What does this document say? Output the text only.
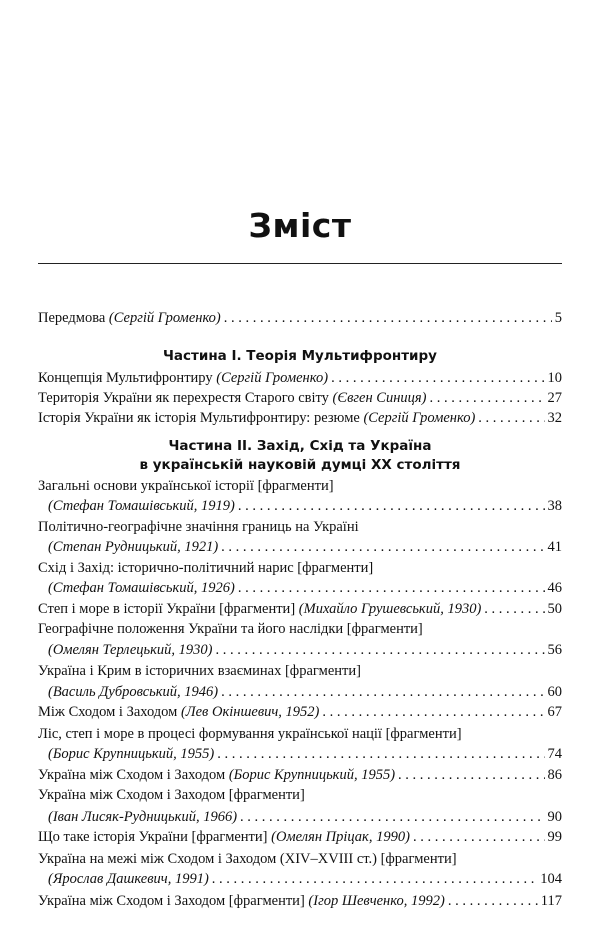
Зміст
Передмова (Сергій Громенко) . . .	5
Частина І. Теорія Мультифронтиру
Концепція Мультифронтиру (Сергій Громенко) . . .	10
Територія України як перехрестя Старого світу (Євген Синиця) . . .	27
Історія України як історія Мультифронтиру: резюме (Сергій Громенко) . . .	32
Частина II. Захід, Схід та Україна
в українській науковій думці XX століття
Загальні основи української історії [фрагменти]
(Стефан Томашівський, 1919) . . .	38
Політично-географічне значіння границь на Україні
(Степан Рудницький, 1921) . . .	41
Схід і Захід: історично-політичний нарис [фрагменти]
(Стефан Томашівський, 1926) . . .	46
Степ і море в історії України [фрагменти] (Михайло Грушевський, 1930) . . .	50
Географічне положення України та його наслідки [фрагменти]
(Омелян Терлецький, 1930) . . .	56
Україна і Крим в історичних взаєминах [фрагменти]
(Василь Дубровський, 1946) . . .	60
Між Сходом і Заходом (Лев Окіншевич, 1952) . . .	67
Ліс, степ і море в процесі формування української нації [фрагменти]
(Борис Крупницький, 1955) . . .	74
Україна між Сходом і Заходом (Борис Крупницький, 1955) . . .	86
Україна між Сходом і Заходом [фрагменти]
(Іван Лисяк-Рудницький, 1966) . . .	90
Що таке історія України [фрагменти] (Омелян Пріцак, 1990) . . .	99
Україна на межі між Сходом і Заходом (XIV–XVIII ст.) [фрагменти]
(Ярослав Дашкевич, 1991) . . .	104
Україна між Сходом і Заходом [фрагменти] (Ігор Шевченко, 1992) . . .	117
